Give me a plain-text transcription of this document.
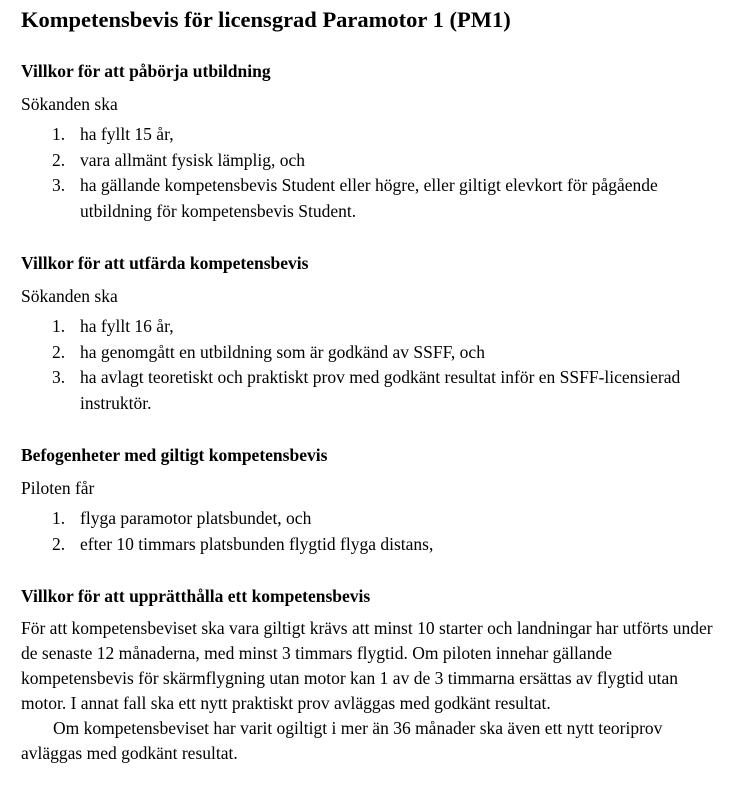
Kompetensbevis för licensgrad Paramotor 1 (PM1)
Villkor för att påbörja utbildning

Sökanden ska

1. ha fyllt 15 år,
2. vara allmänt fysisk lämplig, och
3. ha gällande kompetensbevis Student eller högre, eller giltigt elevkort för pågående utbildning för kompetensbevis Student.
Villkor för att utfärda kompetensbevis

Sökanden ska

1. ha fyllt 16 år,
2. ha genomgått en utbildning som är godkänd av SSFF, och
3. ha avlagt teoretiskt och praktiskt prov med godkänt resultat inför en SSFF-licensierad instruktör.
Befogenheter med giltigt kompetensbevis

Piloten får

1. flyga paramotor platsbundet, och
2. efter 10 timmars platsbunden flygtid flyga distans,
Villkor för att upprätthålla ett kompetensbevis

För att kompetensbeviset ska vara giltigt krävs att minst 10 starter och landningar har utförts under de senaste 12 månaderna, med minst 3 timmars flygtid. Om piloten innehar gällande kompetensbevis för skärmflygning utan motor kan 1 av de 3 timmarna ersättas av flygtid utan motor. I annat fall ska ett nytt praktiskt prov avläggas med godkänt resultat.

Om kompetensbeviset har varit ogiltigt i mer än 36 månader ska även ett nytt teoriprov avläggas med godkänt resultat.
